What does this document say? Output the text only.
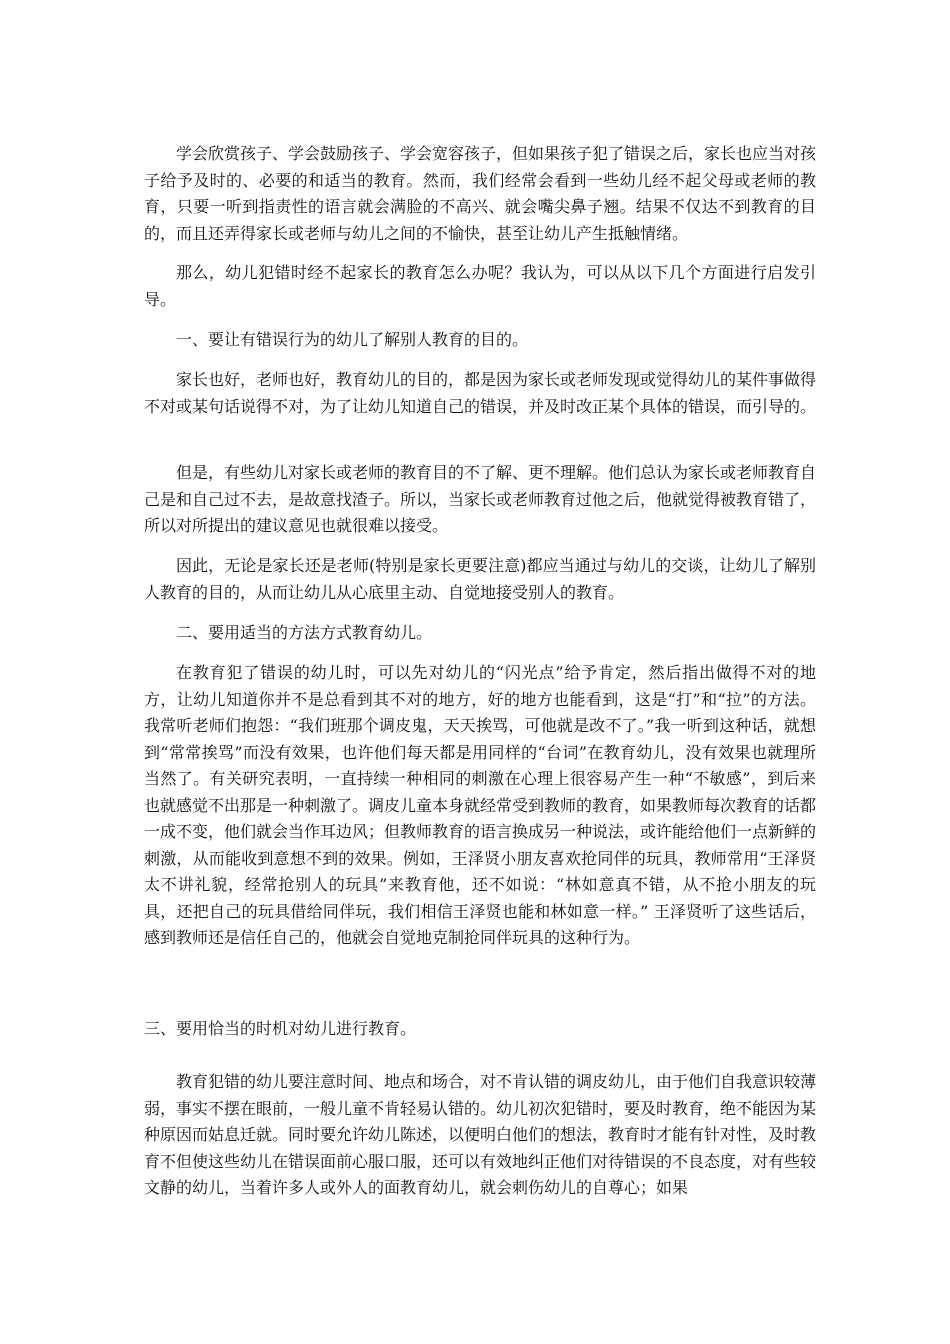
学会欣赏孩子、学会鼓励孩子、学会宽容孩子，但如果孩子犯了错误之后，家长也应当对孩子给予及时的、必要的和适当的教育。然而，我们经常会看到一些幼儿经不起父母或老师的教育，只要一听到指责性的语言就会满脸的不高兴、就会嘴尖鼻子翘。结果不仅达不到教育的目的，而且还弄得家长或老师与幼儿之间的不愉快，甚至让幼儿产生抵触情绪。

那么，幼儿犯错时经不起家长的教育怎么办呢？我认为，可以从以下几个方面进行启发引导。

一、要让有错误行为的幼儿了解别人教育的目的。

家长也好，老师也好，教育幼儿的目的，都是因为家长或老师发现或觉得幼儿的某件事做得不对或某句话说得不对，为了让幼儿知道自己的错误，并及时改正某个具体的错误，而引导的。

但是，有些幼儿对家长或老师的教育目的不了解、更不理解。他们总认为家长或老师教育自己是和自己过不去，是故意找渣子。所以，当家长或老师教育过他之后，他就觉得被教育错了，所以对所提出的建议意见也就很难以接受。

因此，无论是家长还是老师(特别是家长更要注意)都应当通过与幼儿的交谈，让幼儿了解别人教育的目的，从而让幼儿从心底里主动、自觉地接受别人的教育。

二、要用适当的方法方式教育幼儿。

在教育犯了错误的幼儿时，可以先对幼儿的“闪光点”给予肯定，然后指出做得不对的地方，让幼儿知道你并不是总看到其不对的地方，好的地方也能看到，这是“打”和“拉”的方法。我常听老师们抱怨：“我们班那个调皮鬼，天天挨骂，可他就是改不了。”我一听到这种话，就想到“常常挨骂”而没有效果，也许他们每天都是用同样的“台词”在教育幼儿，没有效果也就理所当然了。有关研究表明，一直持续一种相同的刺激在心理上很容易产生一种“不敏感”，到后来也就感觉不出那是一种刺激了。调皮儿童本身就经常受到教师的教育，如果教师每次教育的话都一成不变，他们就会当作耳边风；但教师教育的语言换成另一种说法，或许能给他们一点新鲜的刺激，从而能收到意想不到的效果。例如，王泽贤小朋友喜欢抢同伴的玩具，教师常用“王泽贤太不讲礼貌，经常抢别人的玩具”来教育他，还不如说：“林如意真不错，从不抢小朋友的玩具，还把自己的玩具借给同伴玩，我们相信王泽贤也能和林如意一样。” 王泽贤听了这些话后，感到教师还是信任自己的，他就会自觉地克制抢同伴玩具的这种行为。

三、要用恰当的时机对幼儿进行教育。

教育犯错的幼儿要注意时间、地点和场合，对不肯认错的调皮幼儿，由于他们自我意识较薄弱，事实不摆在眼前，一般儿童不肯轻易认错的。幼儿初次犯错时，要及时教育，绝不能因为某种原因而姑息迁就。同时要允许幼儿陈述，以便明白他们的想法，教育时才能有针对性，及时教育不但使这些幼儿在错误面前心服口服，还可以有效地纠正他们对待错误的不良态度，对有些较文静的幼儿，当着许多人或外人的面教育幼儿，就会刺伤幼儿的自尊心；如果
